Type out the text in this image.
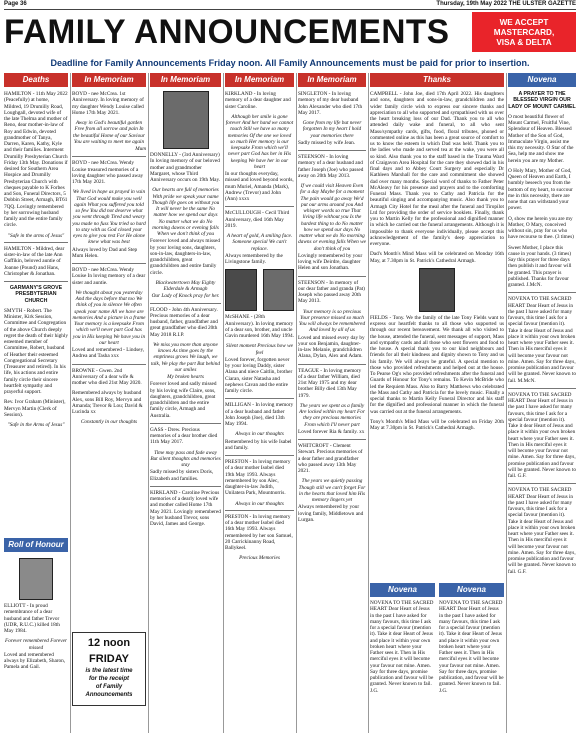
Page 36	Thursday, 19th May 2022 THE ULSTER GAZETTE
FAMILY ANNOUNCEMENTS	WE ACCEPT
MASTERCARD,
VISA & DELTA
Deadline for Family Announcements Friday noon. All Family Announcements must be paid for prior to insertion.
Deaths
HAMILTON - 11th May 2022 (Peacefully) at home, Mildred, 19 Drumilly Road, Loughgall, devoted wife of the late Thelma and mother of Reno, dear mother-in-law of Roy and Edwin, devoted grandmother of Tanya, Darren, Karen, Kathy, Kyle and their families. Interment Drumilly Presbyterian Church Friday 13th May. Donations if desired for Southern Area Hospice and Drumilly Presbyterian Church with cheques payable to K Forbes and Son, Funeral Directors, 5 Dobbin Street, Armagh, BT61 7QQ. Lovingly remembered by her sorrowing husband family and the entire family circle.
"Safe in the arms of Jesus"
HAMILTON - Mildred, dear sister-in-law of the late Ann Gaffikin, beloved auntie of Joanne (Pound) and Hans, Christopher & Jonathan.
GARMANY'S GROVE PRESBYTERIAN CHURCH
SMYTH - Robert. The Minister, Kirk Session, Committee and Congregation of the above Church deeply regret the death of their highly esteemed member of Committee, Robert, husband of Heather their esteemed Congregational Secretary (Treasurer and retired). In his life, his actions and entire family circle their sincere heartfelt sympathy and prayerful support.
Rev. Ivor Graham (Minister), Mervyn Martin (Clerk of Session).
"Safe in the Arms of Jesus"
Roll of Honour
ELLIOTT - In proud remembrance of a dear husband and father Trevor (UDR, R.U.C.) killed 18th May 1984.
Forever remembered Forever missed
Loved and remembered always by Elizabeth, Sharon, Pamela and Gail.
In Memoriam
BOYD - nee McCrea. 1st Anniversary. In loving memory of my daughter Wendy Louise called Home 17th May 2021.
Away in God's beautiful garden Free from all sorrow and pain In the beautiful Home of our Saviour You are waiting to meet me again
Mum
BOYD - nee McCrea. Wendy Louise treasured memories of a loving daughter who passed away 17th May 2021.
We lived in hope as prayed in vain That God would make you well again What you suffered you told so few You did not deserve what you went through Tired and weary you made no fuss You tried so hard to stay with us God closed your eyes to give you rest For He alone knew what was best
Always loved by Dad and Step Mum Helen.
BOYD - nee McCrea. Wendy Louise In loving memory of a dear sister and auntie.
We thought about you yesterday And the days before that too We think of you in silence We often speak your name All we have are memories And a picture in a frame Your memory is a keepsake From which we'll never part God has you in His keeping We have you in our heart
Loved and remembered - Lindsey, Andrea and Tasha xxx
BROWNE - Gwen. 2nd Anniversary of a dear wife & mother who died 21st May 2020.
Remembered always by husband Alex, sons Bill Roy, Mervyn and Amanda; Trevor & Lou; David & Lucinda xx
Constantly in our thoughts
12 noon
FRIDAY
is the latest time
for the receipt
of Family
Announcements
In Memoriam
DONNELLY - (3rd Anniversary) In loving memory of our beloved mother and grandmother Margaret, whose Third Anniversary occurs on 19th May.
Our hearts are full of memories With pride we speak your name Though life goes on without you It will never be the same No matter how we spend our days No matter what we do No morning dawns or evening falls When we don't think of you
Forever loved and always missed by your loving sons, daughters, son-in-law, daughters-in-law, grandchildren, great grandchildren and entire family circle.
Blackwatertown May Eighty Elderdale & Armagh
Our Lady of Knock pray for her.
FLOOD - John 4th Anniversary. Precious memories of a dear husband, father, grandfather and great grandfather who died 20th May 2018 R.I.P.
We miss you more than anyone knows As time goes by the emptiness grows We laugh, we talk, We play the part But behind our smiles
My broken hearts
Forever loved and sadly missed by his loving wife Claire, sons, daughters, grandchildren, great grandchildren and the entire family circle, Armagh and Australia.
GASS - Drew. Precious memories of a dear brother died 11th May 2017.
Time may pass and fade away But silent thoughts and memories stay
Sadly missed by sisters Doris, Elizabeth and families.
KIRKLAND - Caroline Precious memories of a dearly loved wife and mother called Home 17th May 2021. Lovingly remembered by her husband Trevor, sons David, James and George.
In Memoriam
KIRKLAND - In loving memory of a dear daughter and sister Caroline.
Although her smile is gone forever And her hand we cannot touch Still we have so many memories Of the one we loved so much Her memory is our keepsake From which we'll never part God has her in His keeping We have her in our heart
In our thoughts everyday, missed and loved beyond words, mum Muriel, Amanda (Mark), Andrew (Trevor) and John (Ann) xxxx
McCULLOUGH - Cecil Third Anniversary, died 16th May 2019.
A heart of gold, A smiling face. Someone special We can't replace.
Always remembered by the Livingstone family.
McSHANE - (28th Anniversary). In loving memory of a dear son, brother, and uncle Gavin murdered 16th May 1994.
Silent moment Precious how we feel
Loved forever, forgotten never by your loving Daddy, sister Alana and niece Caitlin, brother Ciaran, sister Natasha and nephews Cavan and the entire family circle.
MILLIGAN - In loving memory of a dear husband and father John Joseph (Joe), died 13th May 1994.
Always in our thoughts
Remembered by his wife Isabel and family.
PRESTON - In loving memory of a dear mother Isobel died 19th May 1993. Always remembered by son Alec, daughter-in-law Judith, Unilatera Park, Mountnorris.
Always in our thoughts
PRESTON - In loving memory of a dear mother Isobel died 16th May 1993. Always remembered by her son Samuel, 20 Carrickinanny Road, Ballykeel.
Precious Memories
In Memoriam
SINGLETON - In loving memory of my dear husband John Alexander who died 17th May 2017.
Gone from my life but never forgotten In my heart I hold your memories there
Sadly missed by wife Jean.
STEENSON - In loving memory of a dear husband and father Joseph (Joe) who passed away on 20th May 2013.
If we could visit Heaven Even for a day Maybe for a moment The pain would go away We'd put our arms around you And whisper words so true That living life without you Is the hardest thing to do No matter how we spend our days No matter what we do No morning dawns or evening falls When we don't think of you
Lovingly remembered by your loving wife Deirdre, daughter Helen and son Jonathan.
STEENSON - In memory of our dear father and granda (Pat) Joseph who passed away 20th May 2013.
Your memory is so precious Your presence missed so much You will always be remembered And loved by all of us
Loved and missed every day by your son Benjamin, daughter-in-law Melanie, grandchildren Alana, Dylan, Alex and Adam.
TEAGUE - In loving memory of a dear father William, died 21st May 1975 and my dear brother Billy died 13th May 1979.
The years we spent as a family Are locked within my heart For they are precious memories From which I'll never part
Loved forever Ria & family. xx
WHITCROFT - Clement Stewart. Precious memories of a dear father and grandfather who passed away 13th May 2021.
The years we quietly passing Though still we can't forget For in the hearts that loved him His memory lingers yet
Always remembered by your loving family, Middletown and Lurgan.
Thanks
CAMPBELL - John Joe, died 17th April 2022. His daughters and sons, daughters and sons-in-law, grandchildren and the wider family circle wish to express our sincere thanks and appreciation to all who supported and sympathised with us over the heart breaking loss of our Dad. Thank you to all who attended daily wake and funeral, to all who sent Mass/sympathy cards, gifts, food, floral tributes, phoned or commented online as this has been a great source of comfort to us to know the esteem in which Dad was held. Thank you to the ladies who made and served tea at the wake, you were all so kind. Also thank you to the staff based in the Trauma Ward of Craigavon Area Hospital for the care they showed dad in his final days and to Abbey Court Surgery and especially Dr Kathleen Marshall for the care and commitment she showed dad over many months. Special word of thanks to Father Peter McAleavy for his presence and prayers and to the comforting Funeral Mass. Thank you to Cathy and Patricia for the beautiful singing and accompanying music. Also thank you to Armagh City Hotel for the meal after the funeral and Tiropilot Ltd for providing the order of service booklets. Finally, thank you to Martin Kelly for the professional and dignified manner in which he carried out the funeral arrangements. Although it is impossible to thank everyone individually, please accept this acknowledgement of the family's deep appreciation to everyone.
Dad's Month's Mind Mass will be celebrated on Monday 16th May, at 7.30pm in St. Patrick's Cathedral Armagh.
FIELDS - Tony. We the family of the late Tony Fields want to express our heartfelt thanks to all those who supported us through our recent bereavement. We thank all who visited to the house, attended the funeral, sent messages of support, Mass and sympathy cards and all those who sent flowers and food to the house. A special thank you to our kind neighbours and friends for all their kindness and dignity shown to Tony and us his family. We will always be grateful. A special mention to those who provided refreshments and helped out at the house. To Pearse Og's who provided refreshments after the funeral and Guards of Honour for Tony's remains. To Kevin McBride who led the Requiem Mass. Also to Barry Matthews who celebrated the Mass and Cathy and Patricia for the lovely music. Finally a special thanks to Martin Kelly Funeral Director and his staff for the dignified and professional manner in which the funeral was carried out at the funeral arrangements.
Tony's Month's Mind Mass will be celebrated on Friday 20th May at 7.30pm in St. Patrick's Cathedral Armagh.
Novena	Novena
NOVENA TO THE SACRED HEART Dear Heart of Jesus in the past I have asked for many favours, this time I ask for a special favour (mention it). Take it dear Heart of Jesus and place it within your own broken heart where your Father sees it. Then in His merciful eyes it will become your favour not mine. Amen. Say for three days, promise publication and favour will be granted. Never known to fail. J.G.
NOVENA TO THE SACRED HEART Dear Heart of Jesus in the past I have asked for many favours, this time I ask for a special favour (mention it). Take it dear Heart of Jesus and place it within your own broken heart where your Father sees it. Then in His merciful eyes it will become your favour not mine. Amen. Say for three days, promise publication, and favour will be granted. Never known to fail. J.G.
Novena
A PRAYER TO THE BLESSED VIRGIN OUR LADY OF MOUNT CARMEL
O most beautiful flower of Mount Carmel, Fruitful Vine, Splendour of Heaven. Blessed Mother of the Son of God, Immaculate Virgin, assist me this my necessity. O Star of the Sea, help me and show me herein you are my Mother.
O Holy Mary, Mother of God, Queen of Heaven and Earth, I humbly beseech you from the bottom of my heart, to succour me in this necessity, there are none that can withstand your power.
O, show me herein you are my Mother, O Mary, conceived without sin, pray for us who have recourse to thee. (3 times)
Sweet Mother, I place this cause in your hands. (3 times) Say this prayer for three days then publish it and favour will be granted. This prayer is published. Thanks for favour granted. J.McN.
NOVENA TO THE SACRED HEART Dear Heart of Jesus in the past I have asked for many favours, this time I ask for a special favour (mention it). Take it dear Heart of Jesus and place it within your own broken heart where your Father sees it. Then in His merciful eyes it will become your favour not mine. Amen. Say for three days, promise publication and favour will be granted. Never known to fail. M.McN.
NOVENA TO THE SACRED HEART Dear Heart of Jesus in the past I have asked for many favours, this time I ask for a special favour (mention it). Take it dear Heart of Jesus and place it within your own broken heart where your Father sees it. Then in His merciful eyes it will become your favour not mine. Amen. Say for three days, promise publication and favour will be granted. Never known to fail. G.F.
NOVENA TO THE SACRED HEART Dear Heart of Jesus in the past I have asked for many favours, this time I ask for a special favour (mention it). Take it dear Heart of Jesus and place it within your own broken heart where your Father sees it. Then in His merciful eyes it will become your favour not mine. Amen. Say for three days, promise publication and favour will be granted. Never known to fail. G.F.
